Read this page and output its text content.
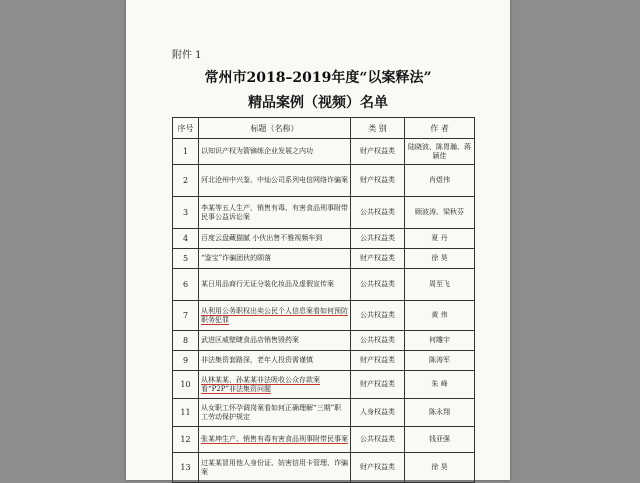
附件 1
常州市2018–2019年度“以案释法”
精品案例（视频）名单
序号	标题（名称）	类 别	作 者
1	以知识产权为箭镝练企业发展之内功	财产权益类	陆晓波、陈胃瀚、蒋颖佳
2	河北沧州中兴鉴、中灿公司系列电信网络诈骗案	财产权益类	肖煜伟
3	李某等五人生产、销售有毒、有害食品刑事附带民事公益诉讼案	公共权益类	顾波涛、梁秋芬
4	百度云盘藏猫腻 小伙出售不雅视频车到	公共权益类	夏 丹
5	“鉴宝”诈骗团伙的陨落	财产权益类	徐 昊
6	某日用品商行无证分装化妆品及虚假宣传案	公共权益类	周至飞
7	从利用公务职权出卖公民个人信息案看如何预防职务犯罪	公共权益类	黄 伟
8	武进区威壁睫食品店销售毁药案	公共权益类	何雕宇
9	非法集资套路深，老年人投资需谨慎	财产权益类	陈涛军
10	从林某某、孙某某非法吸收公众存款案看“P2P”非法集资问题	财产权益类	朱 峰
11	从女职工怀孕调岗案看如何正确理解“三期”职工劳动保护规定	人身权益类	陈永翔
12	张某坤生产、销售有毒有害食品刑事附带民事案	公共权益类	钱亚强
13	过某某冒用他人身份证、妨害信用卡管理、诈骗案	财产权益类	徐 昊
